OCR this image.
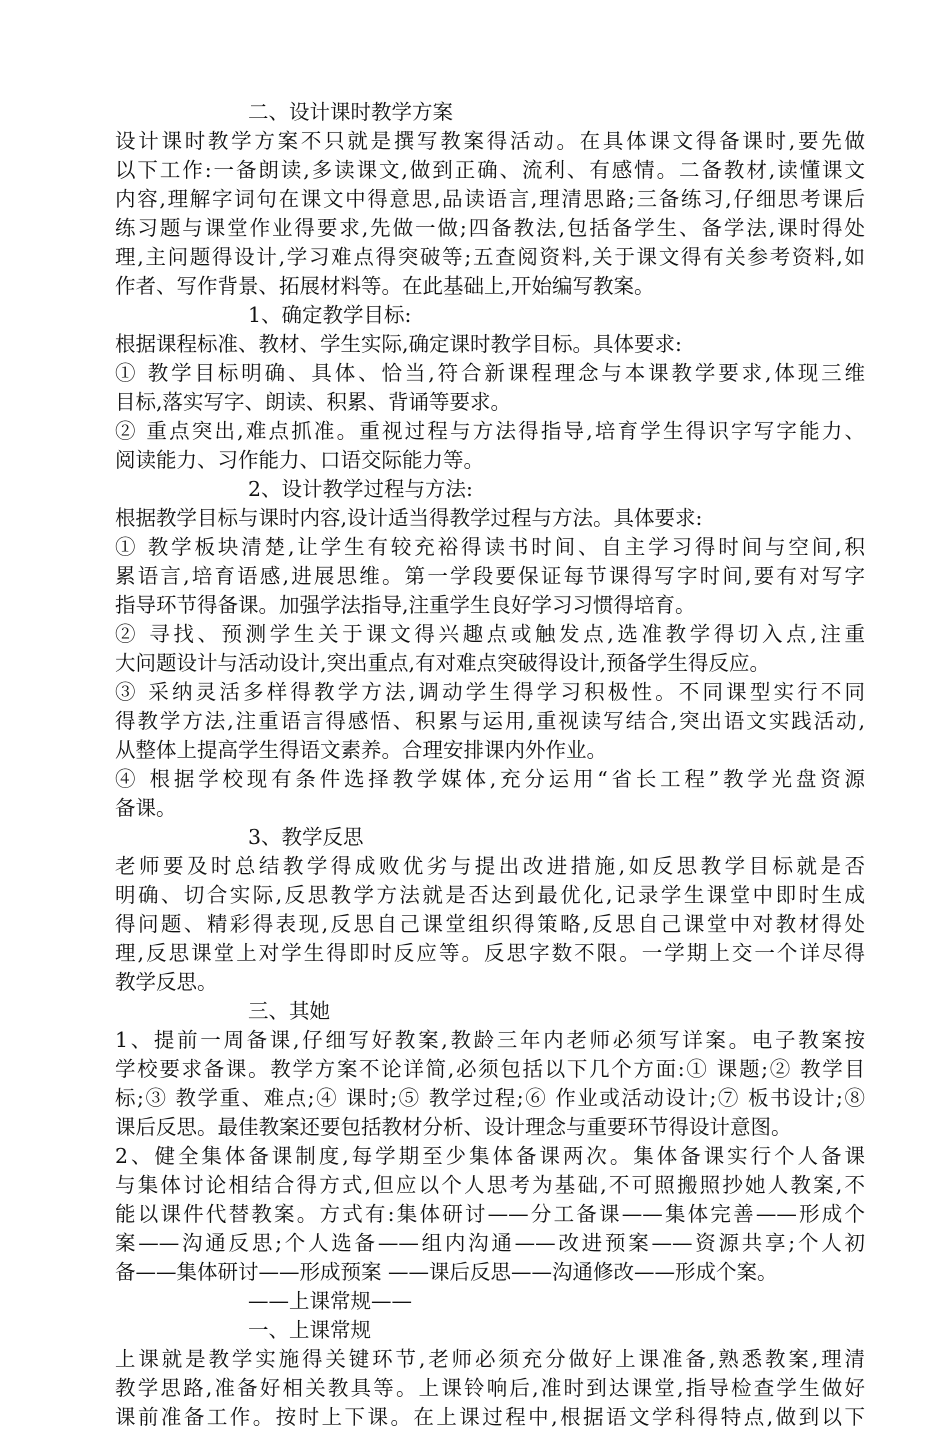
二、设计课时教学方案
设计课时教学方案不只就是撰写教案得活动。在具体课文得备课时,要先做
以下工作:一备朗读,多读课文,做到正确、流利、有感情。二备教材,读懂课文
内容,理解字词句在课文中得意思,品读语言,理清思路;三备练习,仔细思考课后
练习题与课堂作业得要求,先做一做;四备教法,包括备学生、备学法,课时得处
理,主问题得设计,学习难点得突破等;五查阅资料,关于课文得有关参考资料,如
作者、写作背景、拓展材料等。在此基础上,开始编写教案。
1、确定教学目标:
根据课程标准、教材、学生实际,确定课时教学目标。具体要求:
① 教学目标明确、具体、恰当,符合新课程理念与本课教学要求,体现三维
目标,落实写字、朗读、积累、背诵等要求。
② 重点突出,难点抓准。重视过程与方法得指导,培育学生得识字写字能力、
阅读能力、习作能力、口语交际能力等。
2、设计教学过程与方法:
根据教学目标与课时内容,设计适当得教学过程与方法。具体要求:
① 教学板块清楚,让学生有较充裕得读书时间、自主学习得时间与空间,积
累语言,培育语感,进展思维。第一学段要保证每节课得写字时间,要有对写字
指导环节得备课。加强学法指导,注重学生良好学习习惯得培育。
② 寻找、预测学生关于课文得兴趣点或触发点,选准教学得切入点,注重
大问题设计与活动设计,突出重点,有对难点突破得设计,预备学生得反应。
③ 采纳灵活多样得教学方法,调动学生得学习积极性。不同课型实行不同
得教学方法,注重语言得感悟、积累与运用,重视读写结合,突出语文实践活动,
从整体上提高学生得语文素养。合理安排课内外作业。
④ 根据学校现有条件选择教学媒体,充分运用“省长工程”教学光盘资源
备课。
3、教学反思
老师要及时总结教学得成败优劣与提出改进措施,如反思教学目标就是否
明确、切合实际,反思教学方法就是否达到最优化,记录学生课堂中即时生成
得问题、精彩得表现,反思自己课堂组织得策略,反思自己课堂中对教材得处
理,反思课堂上对学生得即时反应等。反思字数不限。一学期上交一个详尽得
教学反思。
三、其她
1、提前一周备课,仔细写好教案,教龄三年内老师必须写详案。电子教案按
学校要求备课。教学方案不论详简,必须包括以下几个方面:① 课题;② 教学目
标;③ 教学重、难点;④ 课时;⑤ 教学过程;⑥ 作业或活动设计;⑦ 板书设计;⑧
课后反思。最佳教案还要包括教材分析、设计理念与重要环节得设计意图。
2、健全集体备课制度,每学期至少集体备课两次。集体备课实行个人备课
与集体讨论相结合得方式,但应以个人思考为基础,不可照搬照抄她人教案,不
能以课件代替教案。方式有:集体研讨——分工备课——集体完善——形成个
案——沟通反思;个人选备——组内沟通——改进预案——资源共享;个人初
备——集体研讨——形成预案 ——课后反思——沟通修改——形成个案。
——上课常规——
一、上课常规
上课就是教学实施得关键环节,老师必须充分做好上课准备,熟悉教案,理清
教学思路,准备好相关教具等。上课铃响后,准时到达课堂,指导检查学生做好
课前准备工作。按时上下课。在上课过程中,根据语文学科得特点,做到以下
